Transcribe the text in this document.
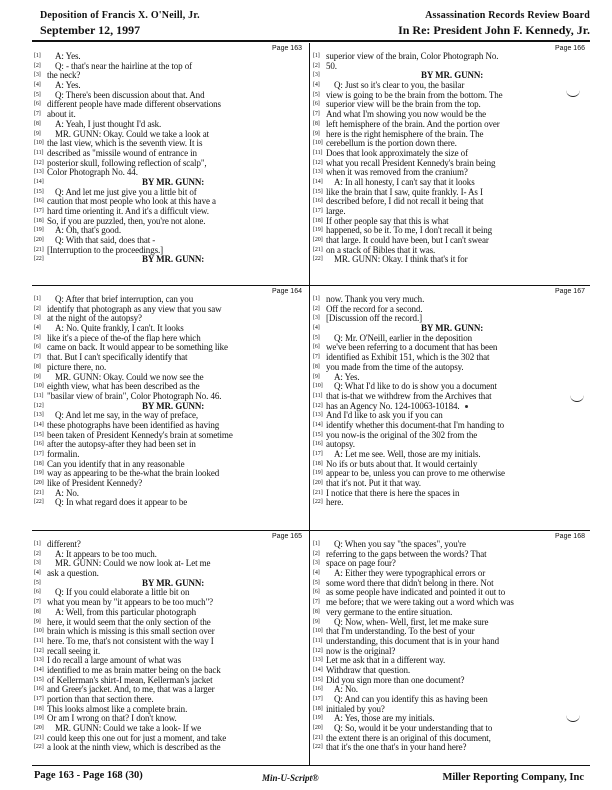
Deposition of Francis X. O'Neill, Jr.
September 12, 1997
Assassination Records Review Board
In Re: President John F. Kennedy, Jr.
Page 163
[1] A: Yes.
[2] Q: - that's near the hairline at the top of
[3] the neck?
[4] A: Yes.
[5] Q: There's been discussion about that. And
[6] different people have made different observations
[7] about it.
[8] A: Yeah, I just thought I'd ask.
[9] MR. GUNN: Okay. Could we take a look at
[10] the last view, which is the seventh view. It is
[11] described as "missile wound of entrance in
[12] posterior skull, following reflection of scalp",
[13] Color Photograph No. 44.
[14]	BY MR. GUNN:
[15] Q: And let me just give you a little bit of
[16] caution that most people who look at this have a
[17] hard time orienting it. And it's a difficult view.
[18] So, if you are puzzled, then, you're not alone.
[19] A: Oh, that's good.
[20] Q: With that said, does that -
[21] [Interruption to the proceedings.]
[22]	BY MR. GUNN:
Page 164
[1] Q: After that brief interruption, can you
[2] identify that photograph as any view that you saw
[3] at the night of the autopsy?
[4] A: No. Quite frankly, I can't. It looks
[5] like it's a piece of the-of the flap here which
[6] came on back. It would appear to be something like
[7] that. But I can't specifically identify that
[8] picture there, no.
[9] MR. GUNN: Okay. Could we now see the
[10] eighth view, what has been described as the
[11] "basilar view of brain", Color Photograph No. 46.
[12]	BY MR. GUNN:
[13] Q: And let me say, in the way of preface,
[14] these photographs have been identified as having
[15] been taken of President Kennedy's brain at sometime
[16] after the autopsy-after they had been set in
[17] formalin.
[18] Can you identify that in any reasonable
[19] way as appearing to be the-what the brain looked
[20] like of President Kennedy?
[21] A: No.
[22] Q: In what regard does it appear to be
Page 165
[1] different?
[2] A: It appears to be too much.
[3] MR. GUNN: Could we now look at- Let me
[4] ask a question.
[5]	BY MR. GUNN:
[6] Q: If you could elaborate a little bit on
[7] what you mean by "it appears to be too much"?
[8] A: Well, from this particular photograph
[9] here, it would seem that the only section of the
[10] brain which is missing is this small section over
[11] here. To me, that's not consistent with the way I
[12] recall seeing it.
[13] I do recall a large amount of what was
[14] identified to me as brain matter being on the back
[15] of Kellerman's shirt-I mean, Kellerman's jacket
[16] and Greer's jacket. And, to me, that was a larger
[17] portion than that section there.
[18] This looks almost like a complete brain.
[19] Or am I wrong on that? I don't know.
[20] MR. GUNN: Could we take a look- If we
[21] could keep this one out for just a moment, and take
[22] a look at the ninth view, which is described as the
Page 166
[1] superior view of the brain, Color Photograph No.
[2] 50.
[3]	BY MR. GUNN:
[4] Q: Just so it's clear to you, the basilar
[5] view is going to be the brain from the bottom. The
[6] superior view will be the brain from the top.
[7] And what I'm showing you now would be the
[8] left hemisphere of the brain. And the portion over
[9] here is the right hemisphere of the brain. The
[10] cerebellum is the portion down there.
[11] Does that look approximately the size of
[12] what you recall President Kennedy's brain being
[13] when it was removed from the cranium?
[14] A: In all honesty, I can't say that it looks
[15] like the brain that I saw, quite frankly. I- As I
[16] described before, I did not recall it being that
[17] large.
[18] If other people say that this is what
[19] happened, so be it. To me, I don't recall it being
[20] that large. It could have been, but I can't swear
[21] on a stack of Bibles that it was.
[22] MR. GUNN: Okay. I think that's it for
Page 167
[1] now. Thank you very much.
[2] Off the record for a second.
[3] [Discussion off the record.]
[4]	BY MR. GUNN:
[5] Q: Mr. O'Neill, earlier in the deposition
[6] we've been referring to a document that has been
[7] identified as Exhibit 151, which is the 302 that
[8] you made from the time of the autopsy.
[9] A: Yes.
[10] Q: What I'd like to do is show you a document
[11] that is-that we withdrew from the Archives that
[12] has an Agency No. 124-10063-10184.
[13] And I'd like to ask you if you can
[14] identify whether this document-that I'm handing to
[15] you now-is the original of the 302 from the
[16] autopsy.
[17] A: Let me see. Well, those are my initials.
[18] No ifs or buts about that. It would certainly
[19] appear to be, unless you can prove to me otherwise
[20] that it's not. Put it that way.
[21] I notice that there is here the spaces in
[22] here.
Page 168
[1] Q: When you say "the spaces", you're
[2] referring to the gaps between the words? That
[3] space on page four?
[4] A: Either they were typographical errors or
[5] some word there that didn't belong in there. Not
[6] as some people have indicated and pointed it out to
[7] me before; that we were taking out a word which was
[8] very germane to the entire situation.
[9] Q: Now, when- Well, first, let me make sure
[10] that I'm understanding. To the best of your
[11] understanding, this document that is in your hand
[12] now is the original?
[13] Let me ask that in a different way.
[14] Withdraw that question.
[15] Did you sign more than one document?
[16] A: No.
[17] Q: And can you identify this as having been
[18] initialed by you?
[19] A: Yes, those are my initials.
[20] Q: So, would it be your understanding that to
[21] the extent there is an original of this document,
[22] that it's the one that's in your hand here?
Page 163 - Page 168 (30)	Min-U-Script®	Miller Reporting Company, Inc
